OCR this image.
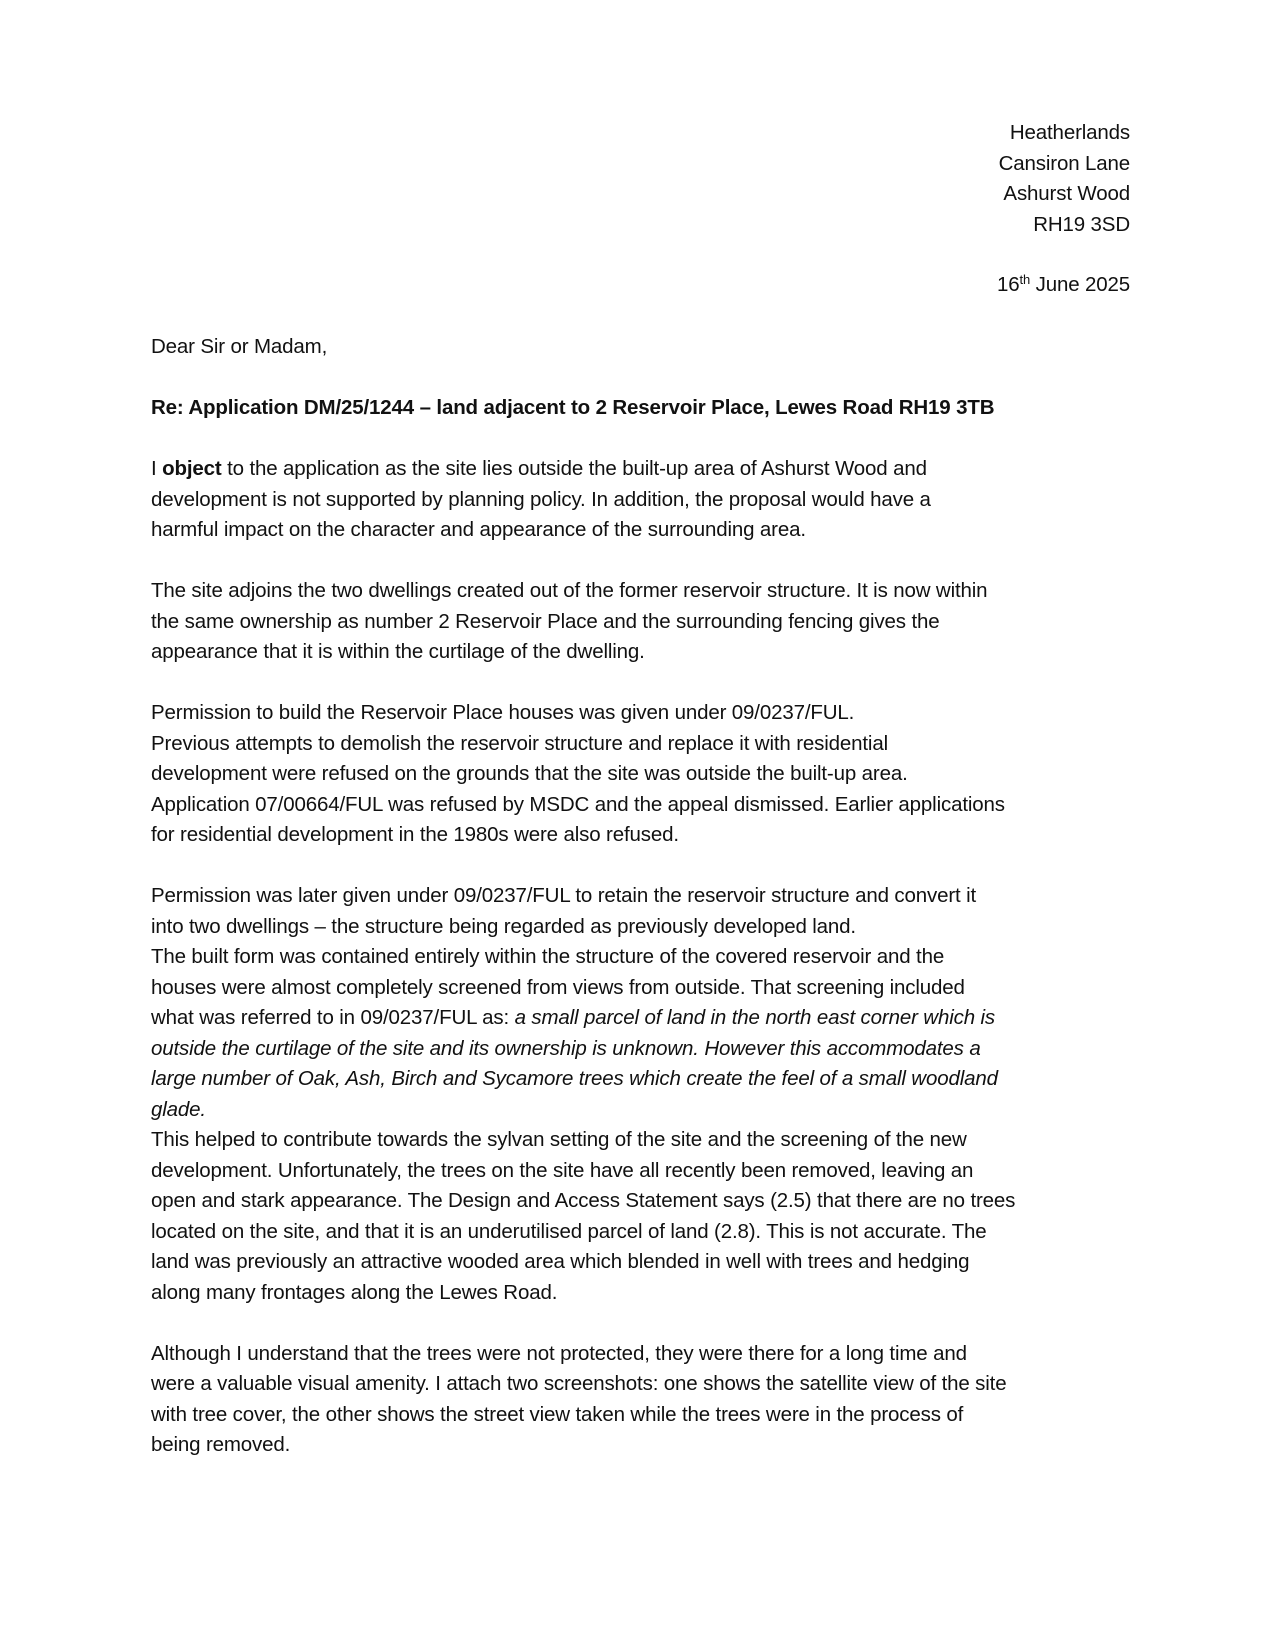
Heatherlands
Cansiron Lane
Ashurst Wood
RH19 3SD
16th June 2025
Dear Sir or Madam,
Re: Application DM/25/1244 – land adjacent to 2 Reservoir Place, Lewes Road RH19 3TB
I object to the application as the site lies outside the built-up area of Ashurst Wood and
development is not supported by planning policy. In addition, the proposal would have a
harmful impact on the character and appearance of the surrounding area.
The site adjoins the two dwellings created out of the former reservoir structure. It is now within
the same ownership as number 2 Reservoir Place and the surrounding fencing gives the
appearance that it is within the curtilage of the dwelling.
Permission to build the Reservoir Place houses was given under 09/0237/FUL.
Previous attempts to demolish the reservoir structure and replace it with residential
development were refused on the grounds that the site was outside the built-up area.
Application 07/00664/FUL was refused by MSDC and the appeal dismissed. Earlier applications
for residential development in the 1980s were also refused.
Permission was later given under 09/0237/FUL to retain the reservoir structure and convert it
into two dwellings – the structure being regarded as previously developed land.
The built form was contained entirely within the structure of the covered reservoir and the
houses were almost completely screened from views from outside. That screening included
what was referred to in 09/0237/FUL as: a small parcel of land in the north east corner which is
outside the curtilage of the site and its ownership is unknown. However this accommodates a
large number of Oak, Ash, Birch and Sycamore trees which create the feel of a small woodland
glade.
This helped to contribute towards the sylvan setting of the site and the screening of the new
development. Unfortunately, the trees on the site have all recently been removed, leaving an
open and stark appearance. The Design and Access Statement says (2.5) that there are no trees
located on the site, and that it is an underutilised parcel of land (2.8). This is not accurate. The
land was previously an attractive wooded area which blended in well with trees and hedging
along many frontages along the Lewes Road.
Although I understand that the trees were not protected, they were there for a long time and
were a valuable visual amenity. I attach two screenshots: one shows the satellite view of the site
with tree cover, the other shows the street view taken while the trees were in the process of
being removed.
